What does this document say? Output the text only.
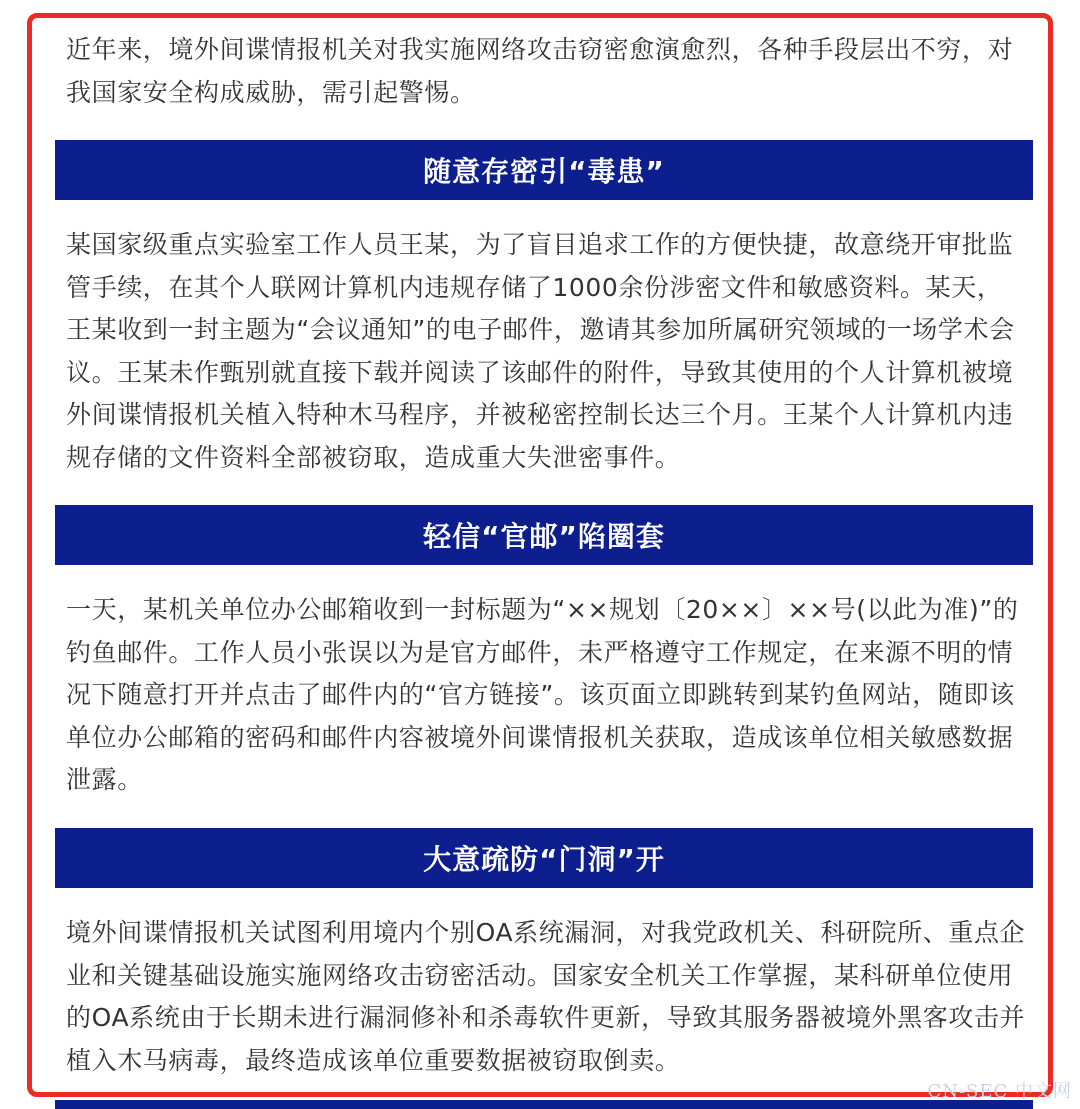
近年来，境外间谍情报机关对我实施网络攻击窃密愈演愈烈，各种手段层出不穷，对我国家安全构成威胁，需引起警惕。

随意存密引“毒患”

某国家级重点实验室工作人员王某，为了盲目追求工作的方便快捷，故意绕开审批监管手续，在其个人联网计算机内违规存储了1000余份涉密文件和敏感资料。某天，王某收到一封主题为“会议通知”的电子邮件，邀请其参加所属研究领域的一场学术会议。王某未作甄别就直接下载并阅读了该邮件的附件，导致其使用的个人计算机被境外间谍情报机关植入特种木马程序，并被秘密控制长达三个月。王某个人计算机内违规存储的文件资料全部被窃取，造成重大失泄密事件。

轻信“官邮”陷圈套

一天，某机关单位办公邮箱收到一封标题为“××规划〔20××〕××号(以此为准)”的钓鱼邮件。工作人员小张误以为是官方邮件，未严格遵守工作规定，在来源不明的情况下随意打开并点击了邮件内的“官方链接”。该页面立即跳转到某钓鱼网站，随即该单位办公邮箱的密码和邮件内容被境外间谍情报机关获取，造成该单位相关敏感数据泄露。

大意疏防“门洞”开

境外间谍情报机关试图利用境内个别OA系统漏洞，对我党政机关、科研院所、重点企业和关键基础设施实施网络攻击窃密活动。国家安全机关工作掌握，某科研单位使用的OA系统由于长期未进行漏洞修补和杀毒软件更新，导致其服务器被境外黑客攻击并植入木马病毒，最终造成该单位重要数据被窃取倒卖。

CN-SEC 中文网
